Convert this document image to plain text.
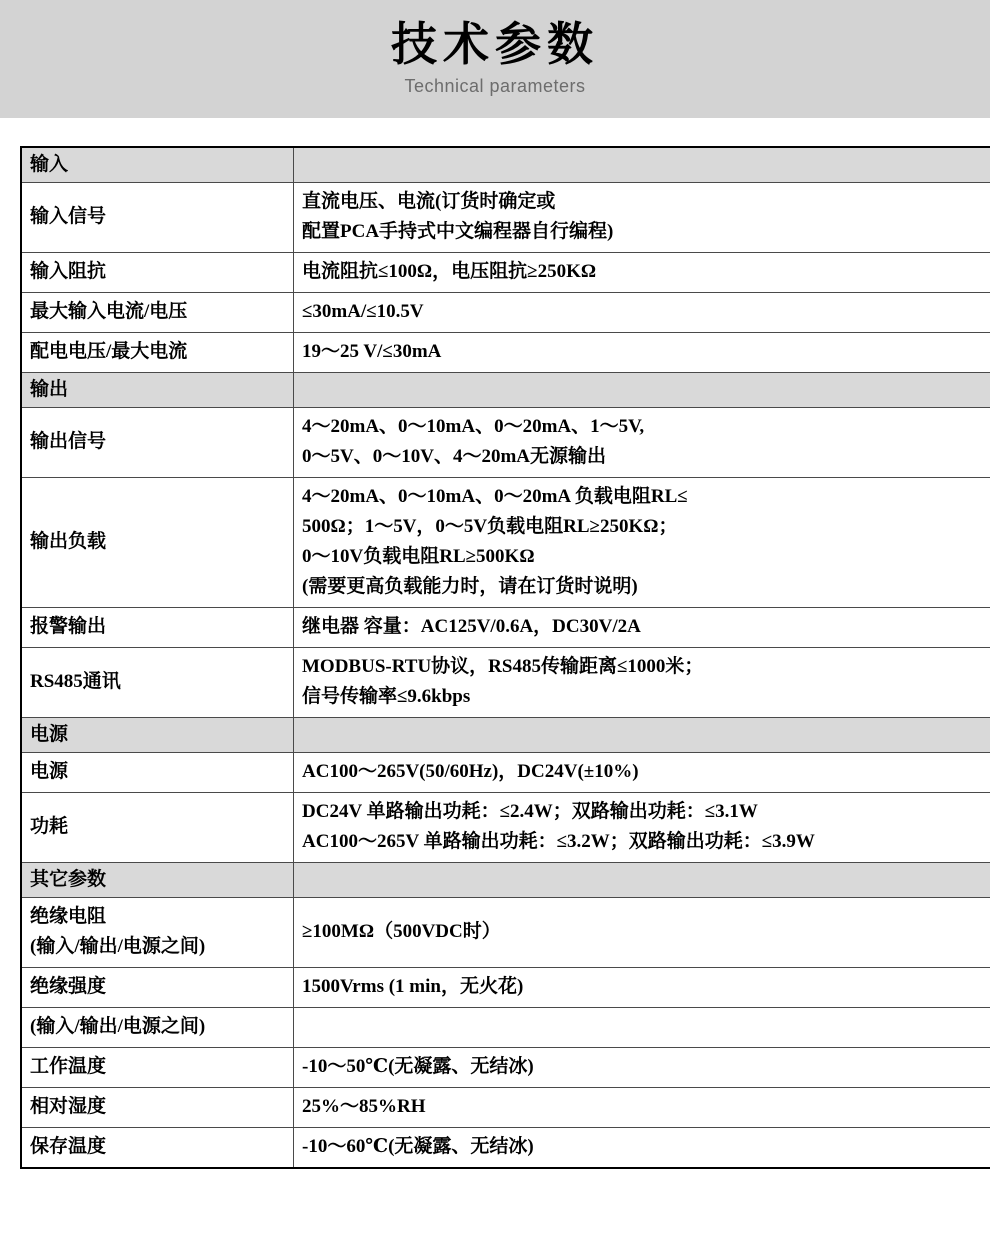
技术参数
Technical parameters
输入	

输入信号	直流电压、电流(订货时确定或
配置PCA手持式中文编程器自行编程)

输入阻抗	电流阻抗≤100Ω，电压阻抗≥250KΩ

最大输入电流/电压	≤30mA/≤10.5V

配电电压/最大电流	19～25 V/≤30mA

输出	

输出信号	4～20mA、0～10mA、0～20mA、1～5V,
0～5V、0～10V、4～20mA无源输出

输出负载	4～20mA、0～10mA、0～20mA 负载电阻RL≤
500Ω；1～5V，0～5V负载电阻RL≥250KΩ；
0～10V负载电阻RL≥500KΩ
(需要更高负载能力时，请在订货时说明)

报警输出	继电器 容量：AC125V/0.6A，DC30V/2A

RS485通讯	MODBUS-RTU协议，RS485传输距离≤1000米；
信号传输率≤9.6kbps

电源	

电源	AC100～265V(50/60Hz)，DC24V(±10%)

功耗	DC24V 单路输出功耗：≤2.4W；双路输出功耗：≤3.1W
AC100～265V 单路输出功耗：≤3.2W；双路输出功耗：≤3.9W

其它参数	

绝缘电阻
(输入/输出/电源之间)	≥100MΩ（500VDC时）

绝缘强度	1500Vrms (1 min，无火花)

(输入/输出/电源之间)	

工作温度	-10～50℃(无凝露、无结冰)

相对湿度	25%～85%RH

保存温度	-10～60℃(无凝露、无结冰)
